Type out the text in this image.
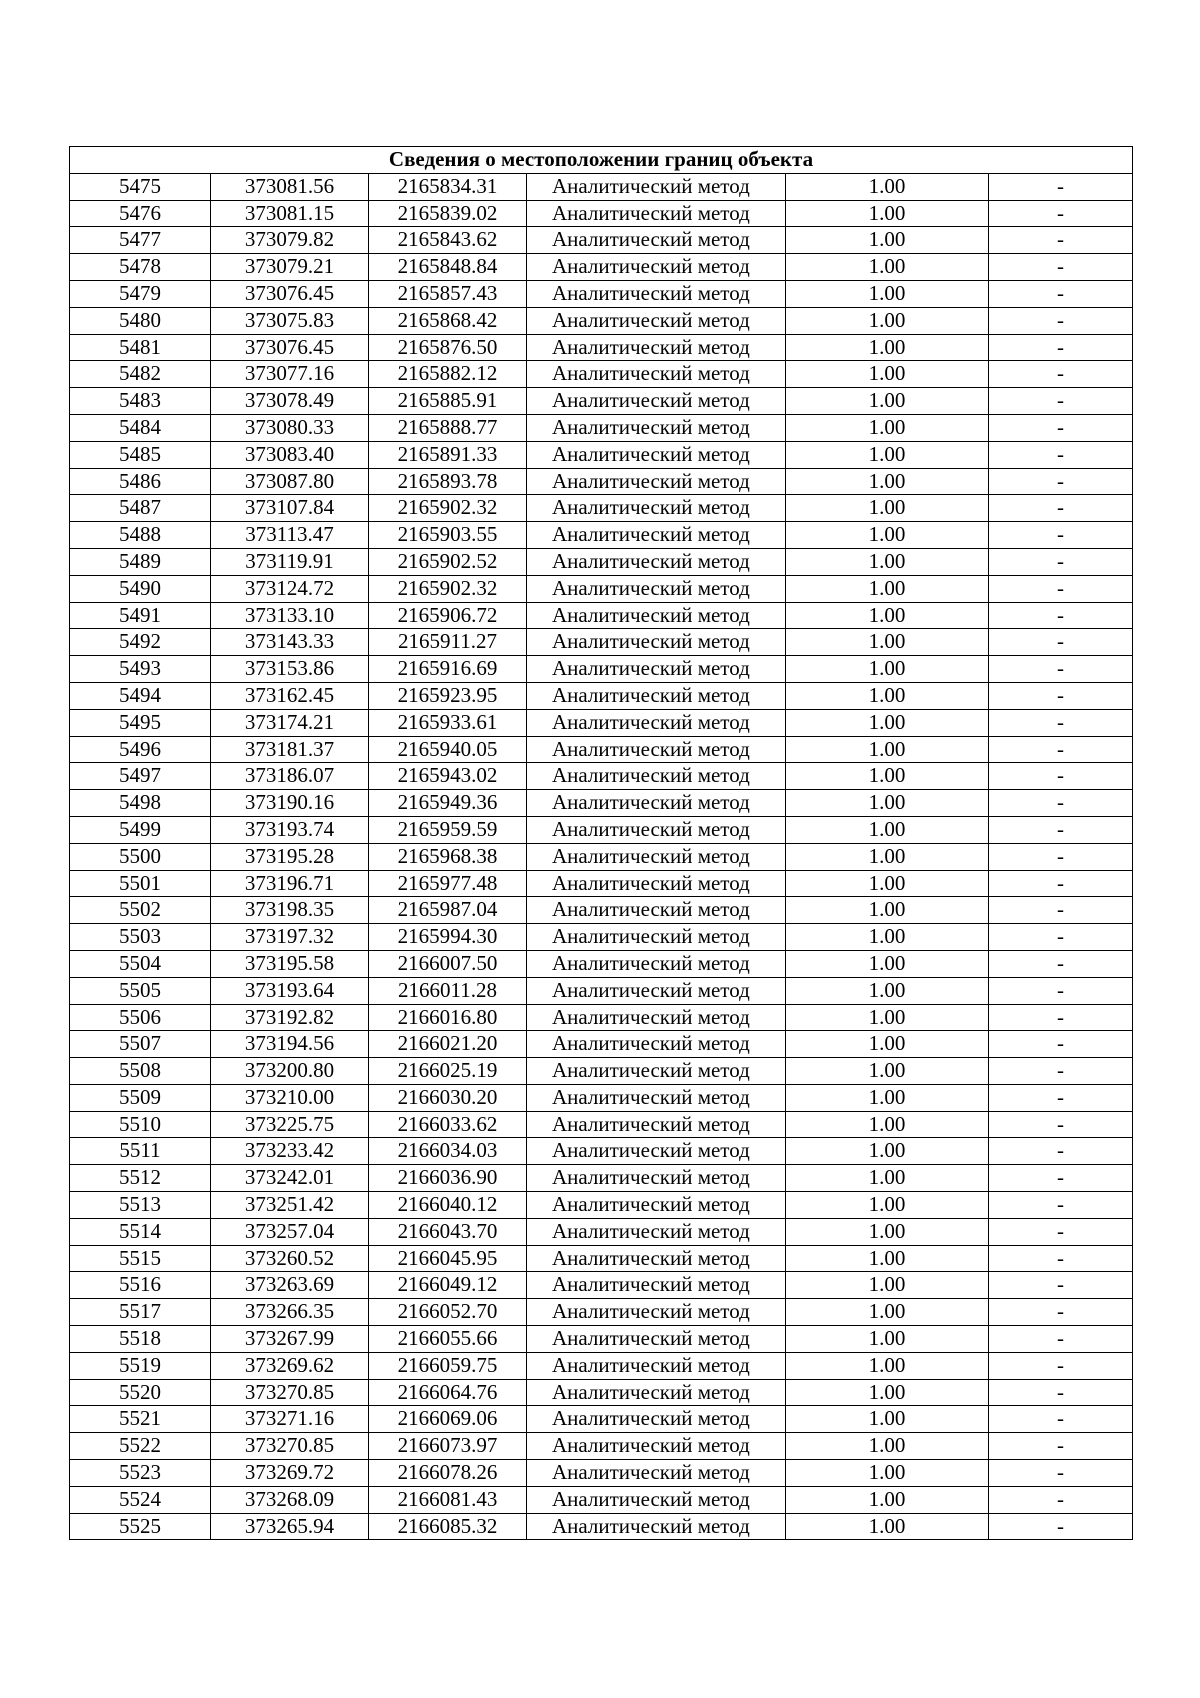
Сведения о местоположении границ объекта					
5475	373081.56	2165834.31	Аналитический метод	1.00	-
5476	373081.15	2165839.02	Аналитический метод	1.00	-
5477	373079.82	2165843.62	Аналитический метод	1.00	-
5478	373079.21	2165848.84	Аналитический метод	1.00	-
5479	373076.45	2165857.43	Аналитический метод	1.00	-
5480	373075.83	2165868.42	Аналитический метод	1.00	-
5481	373076.45	2165876.50	Аналитический метод	1.00	-
5482	373077.16	2165882.12	Аналитический метод	1.00	-
5483	373078.49	2165885.91	Аналитический метод	1.00	-
5484	373080.33	2165888.77	Аналитический метод	1.00	-
5485	373083.40	2165891.33	Аналитический метод	1.00	-
5486	373087.80	2165893.78	Аналитический метод	1.00	-
5487	373107.84	2165902.32	Аналитический метод	1.00	-
5488	373113.47	2165903.55	Аналитический метод	1.00	-
5489	373119.91	2165902.52	Аналитический метод	1.00	-
5490	373124.72	2165902.32	Аналитический метод	1.00	-
5491	373133.10	2165906.72	Аналитический метод	1.00	-
5492	373143.33	2165911.27	Аналитический метод	1.00	-
5493	373153.86	2165916.69	Аналитический метод	1.00	-
5494	373162.45	2165923.95	Аналитический метод	1.00	-
5495	373174.21	2165933.61	Аналитический метод	1.00	-
5496	373181.37	2165940.05	Аналитический метод	1.00	-
5497	373186.07	2165943.02	Аналитический метод	1.00	-
5498	373190.16	2165949.36	Аналитический метод	1.00	-
5499	373193.74	2165959.59	Аналитический метод	1.00	-
5500	373195.28	2165968.38	Аналитический метод	1.00	-
5501	373196.71	2165977.48	Аналитический метод	1.00	-
5502	373198.35	2165987.04	Аналитический метод	1.00	-
5503	373197.32	2165994.30	Аналитический метод	1.00	-
5504	373195.58	2166007.50	Аналитический метод	1.00	-
5505	373193.64	2166011.28	Аналитический метод	1.00	-
5506	373192.82	2166016.80	Аналитический метод	1.00	-
5507	373194.56	2166021.20	Аналитический метод	1.00	-
5508	373200.80	2166025.19	Аналитический метод	1.00	-
5509	373210.00	2166030.20	Аналитический метод	1.00	-
5510	373225.75	2166033.62	Аналитический метод	1.00	-
5511	373233.42	2166034.03	Аналитический метод	1.00	-
5512	373242.01	2166036.90	Аналитический метод	1.00	-
5513	373251.42	2166040.12	Аналитический метод	1.00	-
5514	373257.04	2166043.70	Аналитический метод	1.00	-
5515	373260.52	2166045.95	Аналитический метод	1.00	-
5516	373263.69	2166049.12	Аналитический метод	1.00	-
5517	373266.35	2166052.70	Аналитический метод	1.00	-
5518	373267.99	2166055.66	Аналитический метод	1.00	-
5519	373269.62	2166059.75	Аналитический метод	1.00	-
5520	373270.85	2166064.76	Аналитический метод	1.00	-
5521	373271.16	2166069.06	Аналитический метод	1.00	-
5522	373270.85	2166073.97	Аналитический метод	1.00	-
5523	373269.72	2166078.26	Аналитический метод	1.00	-
5524	373268.09	2166081.43	Аналитический метод	1.00	-
5525	373265.94	2166085.32	Аналитический метод	1.00	-
